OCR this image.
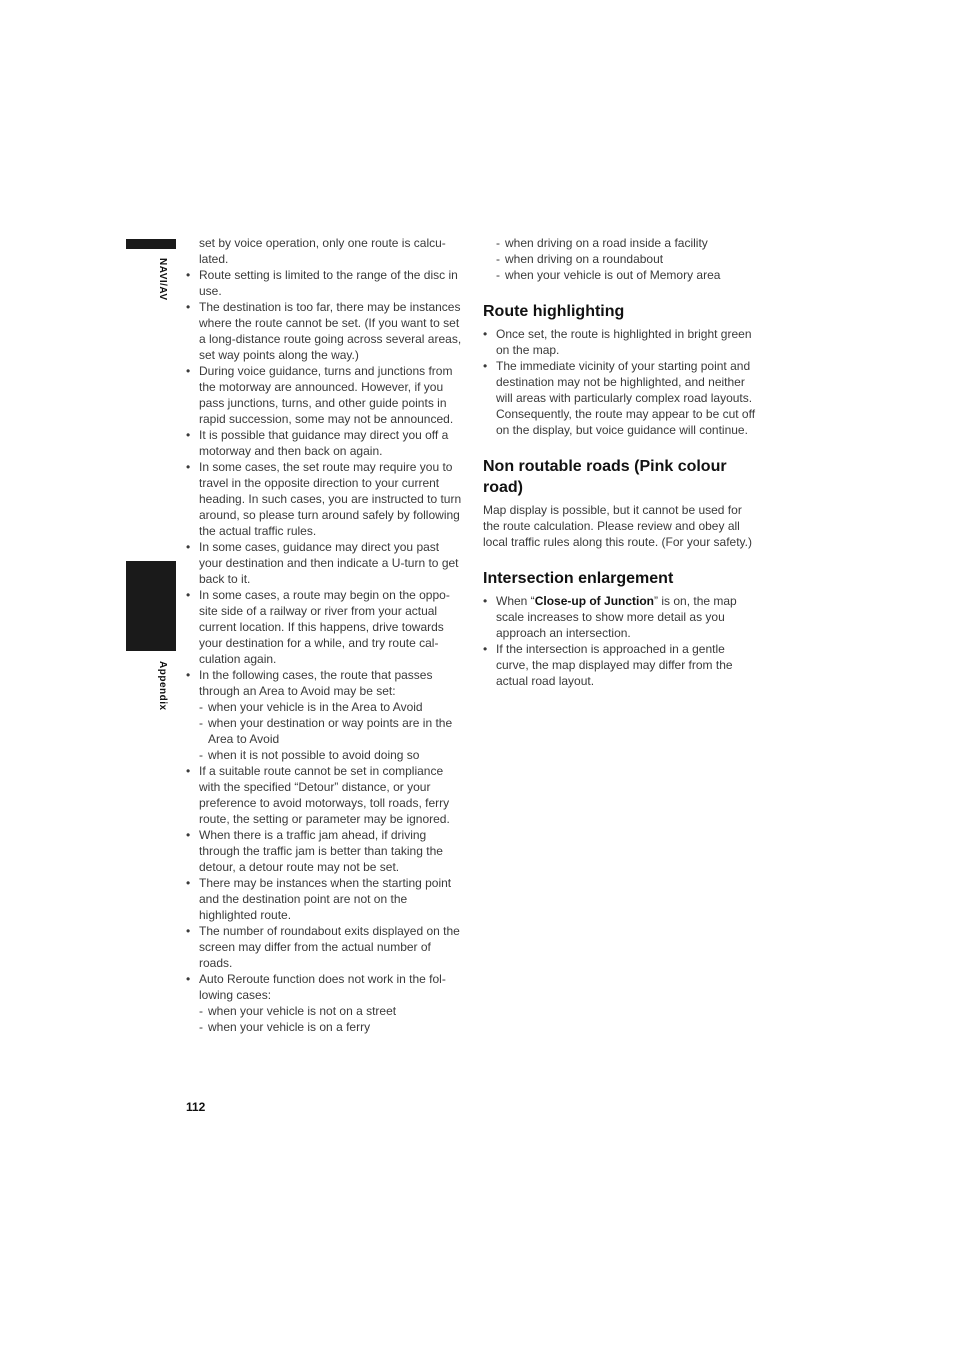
NAVI/AV
Appendix

set by voice operation, only one route is calcu-lated.

• Route setting is limited to the range of the disc in use.
• The destination is too far, there may be instances where the route cannot be set. (If you want to set a long-distance route going across several areas, set way points along the way.)
• During voice guidance, turns and junctions from the motorway are announced. However, if you pass junctions, turns, and other guide points in rapid succession, some may not be announced.
• It is possible that guidance may direct you off a motorway and then back on again.
• In some cases, the set route may require you to travel in the opposite direction to your current heading. In such cases, you are instructed to turn around, so please turn around safely by following the actual traffic rules.
• In some cases, guidance may direct you past your destination and then indicate a U-turn to get back to it.
• In some cases, a route may begin on the oppo-site side of a railway or river from your actual current location. If this happens, drive towards your destination for a while, and try route cal-culation again.
• In the following cases, the route that passes through an Area to Avoid may be set:
- when your vehicle is in the Area to Avoid
- when your destination or way points are in the Area to Avoid
- when it is not possible to avoid doing so
• If a suitable route cannot be set in compliance with the specified “Detour” distance, or your preference to avoid motorways, toll roads, ferry route, the setting or parameter may be ignored.
• When there is a traffic jam ahead, if driving through the traffic jam is better than taking the detour, a detour route may not be set.
• There may be instances when the starting point and the destination point are not on the highlighted route.
• The number of roundabout exits displayed on the screen may differ from the actual number of roads.
• Auto Reroute function does not work in the fol-lowing cases:
- when your vehicle is not on a street
- when your vehicle is on a ferry
- when driving on a road inside a facility
- when driving on a roundabout
- when your vehicle is out of Memory area
Route highlighting
• Once set, the route is highlighted in bright green on the map.
• The immediate vicinity of your starting point and destination may not be highlighted, and neither will areas with particularly complex road layouts. Consequently, the route may appear to be cut off on the display, but voice guidance will continue.
Non routable roads (Pink colour road)

Map display is possible, but it cannot be used for the route calculation. Please review and obey all local traffic rules along this route. (For your safety.)

Intersection enlargement
• When “Close-up of Junction” is on, the map scale increases to show more detail as you approach an intersection.
• If the intersection is approached in a gentle curve, the map displayed may differ from the actual road layout.
112
